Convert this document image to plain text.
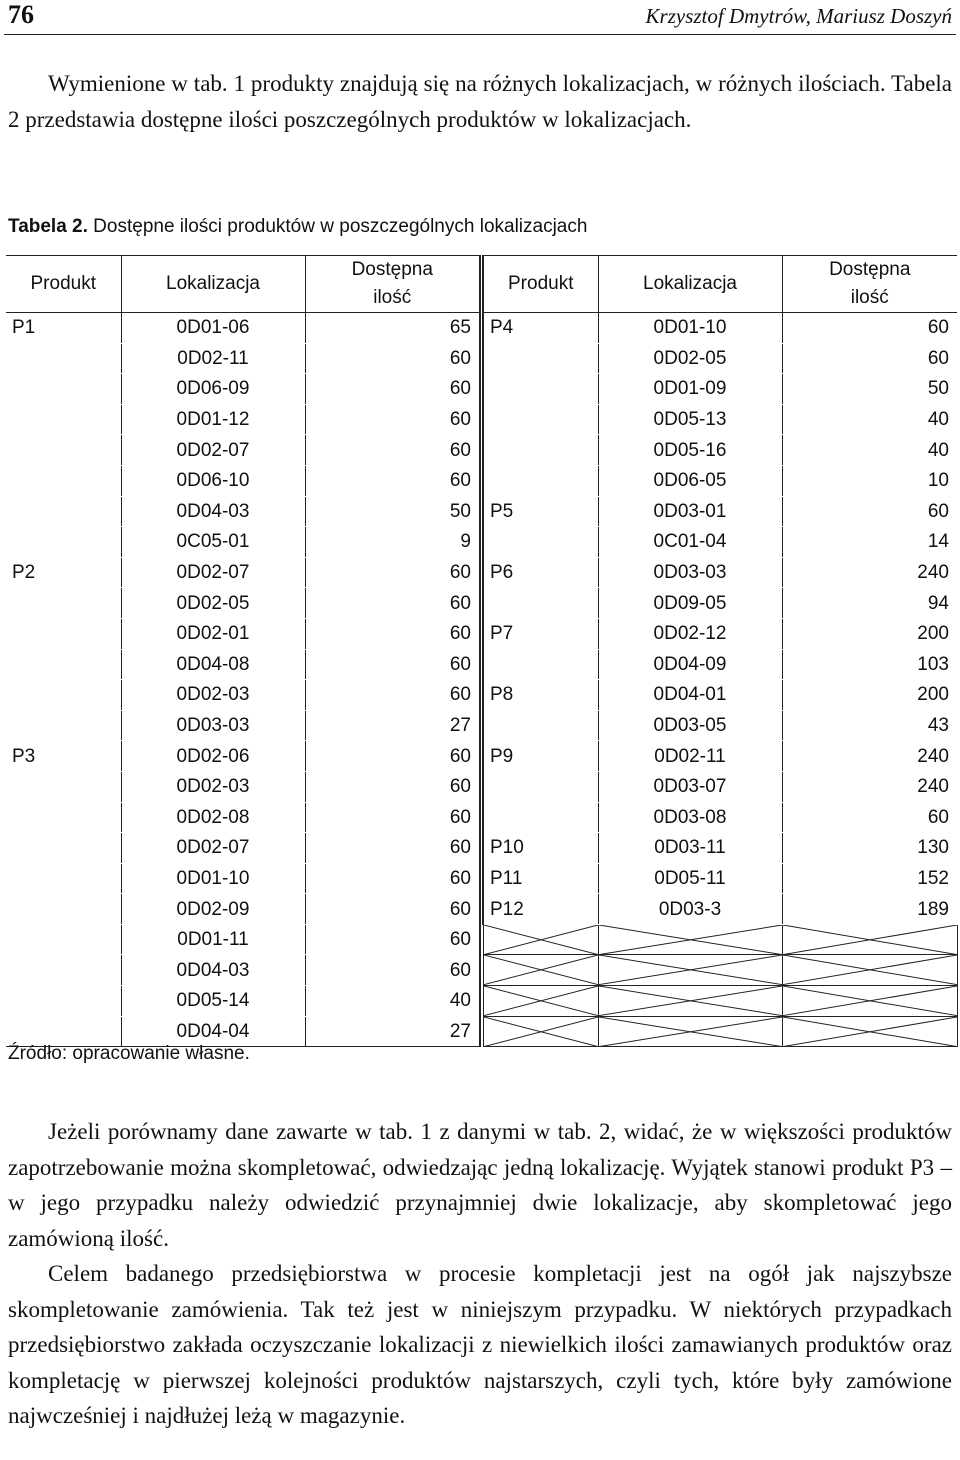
76	Krzysztof Dmytrów, Mariusz Doszyń

Wymienione w tab. 1 produkty znajdują się na różnych lokalizacjach, w różnych ilościach. Tabela 2 przedstawia dostępne ilości poszczególnych produktów w lokalizacjach.

Tabela 2. Dostępne ilości produktów w poszczególnych lokalizacjach
Produkt	Lokalizacja	Dostępna
ilość
P1	0D01-06	65
	0D02-11	60
	0D06-09	60
	0D01-12	60
	0D02-07	60
	0D06-10	60
	0D04-03	50
	0C05-01	9
P2	0D02-07	60
	0D02-05	60
	0D02-01	60
	0D04-08	60
	0D02-03	60
	0D03-03	27
P3	0D02-06	60
	0D02-03	60
	0D02-08	60
	0D02-07	60
	0D01-10	60
	0D02-09	60
	0D01-11	60
	0D04-03	60
	0D05-14	40
	0D04-04	27
Produkt	Lokalizacja	Dostępna
ilość
P4	0D01-10	60
	0D02-05	60
	0D01-09	50
	0D05-13	40
	0D05-16	40
	0D06-05	10
P5	0D03-01	60
	0C01-04	14
P6	0D03-03	240
	0D09-05	94
P7	0D02-12	200
	0D04-09	103
P8	0D04-01	200
	0D03-05	43
P9	0D02-11	240
	0D03-07	240
	0D03-08	60
P10	0D03-11	130
P11	0D05-11	152
P12	0D03-3	189

Źródło: opracowanie własne.

Jeżeli porównamy dane zawarte w tab. 1 z danymi w tab. 2, widać, że w większości produktów zapotrzebowanie można skompletować, odwiedzając jedną lokalizację. Wyjątek stanowi produkt P3 – w jego przypadku należy odwiedzić przynajmniej dwie lokalizacje, aby skompletować jego zamówioną ilość.

Celem badanego przedsiębiorstwa w procesie kompletacji jest na ogół jak najszybsze skompletowanie zamówienia. Tak też jest w niniejszym przypadku. W niektórych przypadkach przedsiębiorstwo zakłada oczyszczanie lokalizacji z niewielkich ilości zamawianych produktów oraz kompletację w pierwszej kolejności produktów najstarszych, czyli tych, które były zamówione najwcześniej i najdłużej leżą w magazynie.
